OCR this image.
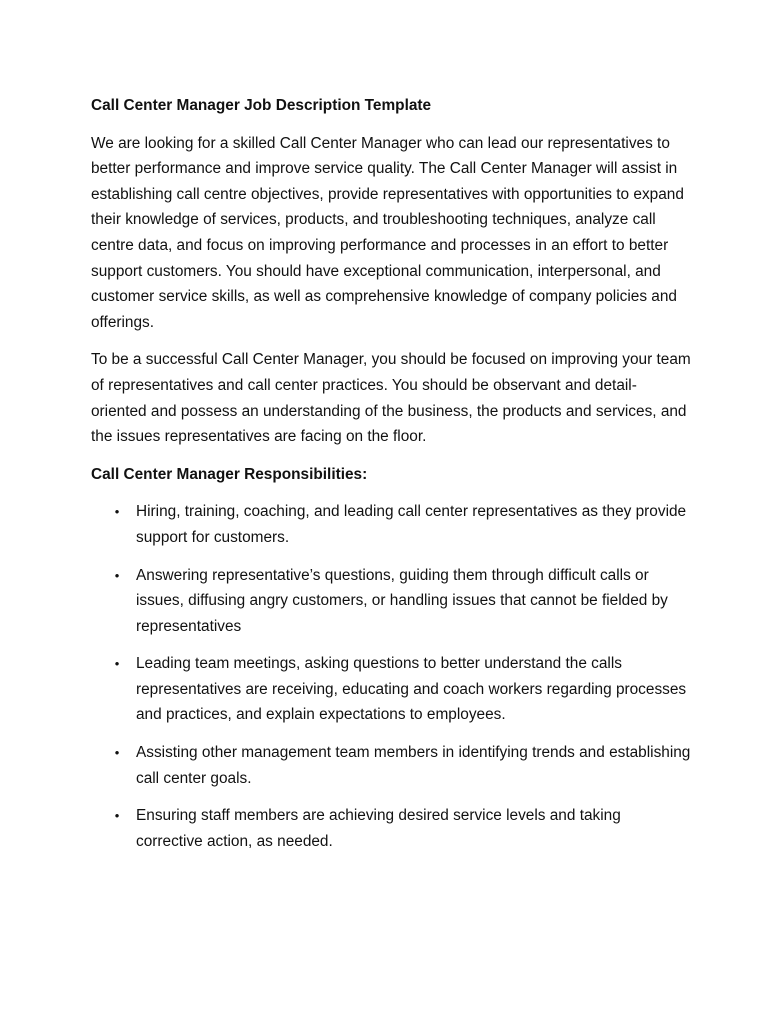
Call Center Manager Job Description Template

We are looking for a skilled Call Center Manager who can lead our representatives to better performance and improve service quality. The Call Center Manager will assist in establishing call centre objectives, provide representatives with opportunities to expand their knowledge of services, products, and troubleshooting techniques, analyze call centre data, and focus on improving performance and processes in an effort to better support customers. You should have exceptional communication, interpersonal, and customer service skills, as well as comprehensive knowledge of company policies and offerings.

To be a successful Call Center Manager, you should be focused on improving your team of representatives and call center practices. You should be observant and detail-oriented and possess an understanding of the business, the products and services, and the issues representatives are facing on the floor.

Call Center Manager Responsibilities:
• Hiring, training, coaching, and leading call center representatives as they provide support for customers.
• Answering representative’s questions, guiding them through difficult calls or issues, diffusing angry customers, or handling issues that cannot be fielded by representatives
• Leading team meetings, asking questions to better understand the calls representatives are receiving, educating and coach workers regarding processes and practices, and explain expectations to employees.
• Assisting other management team members in identifying trends and establishing call center goals.
• Ensuring staff members are achieving desired service levels and taking corrective action, as needed.
